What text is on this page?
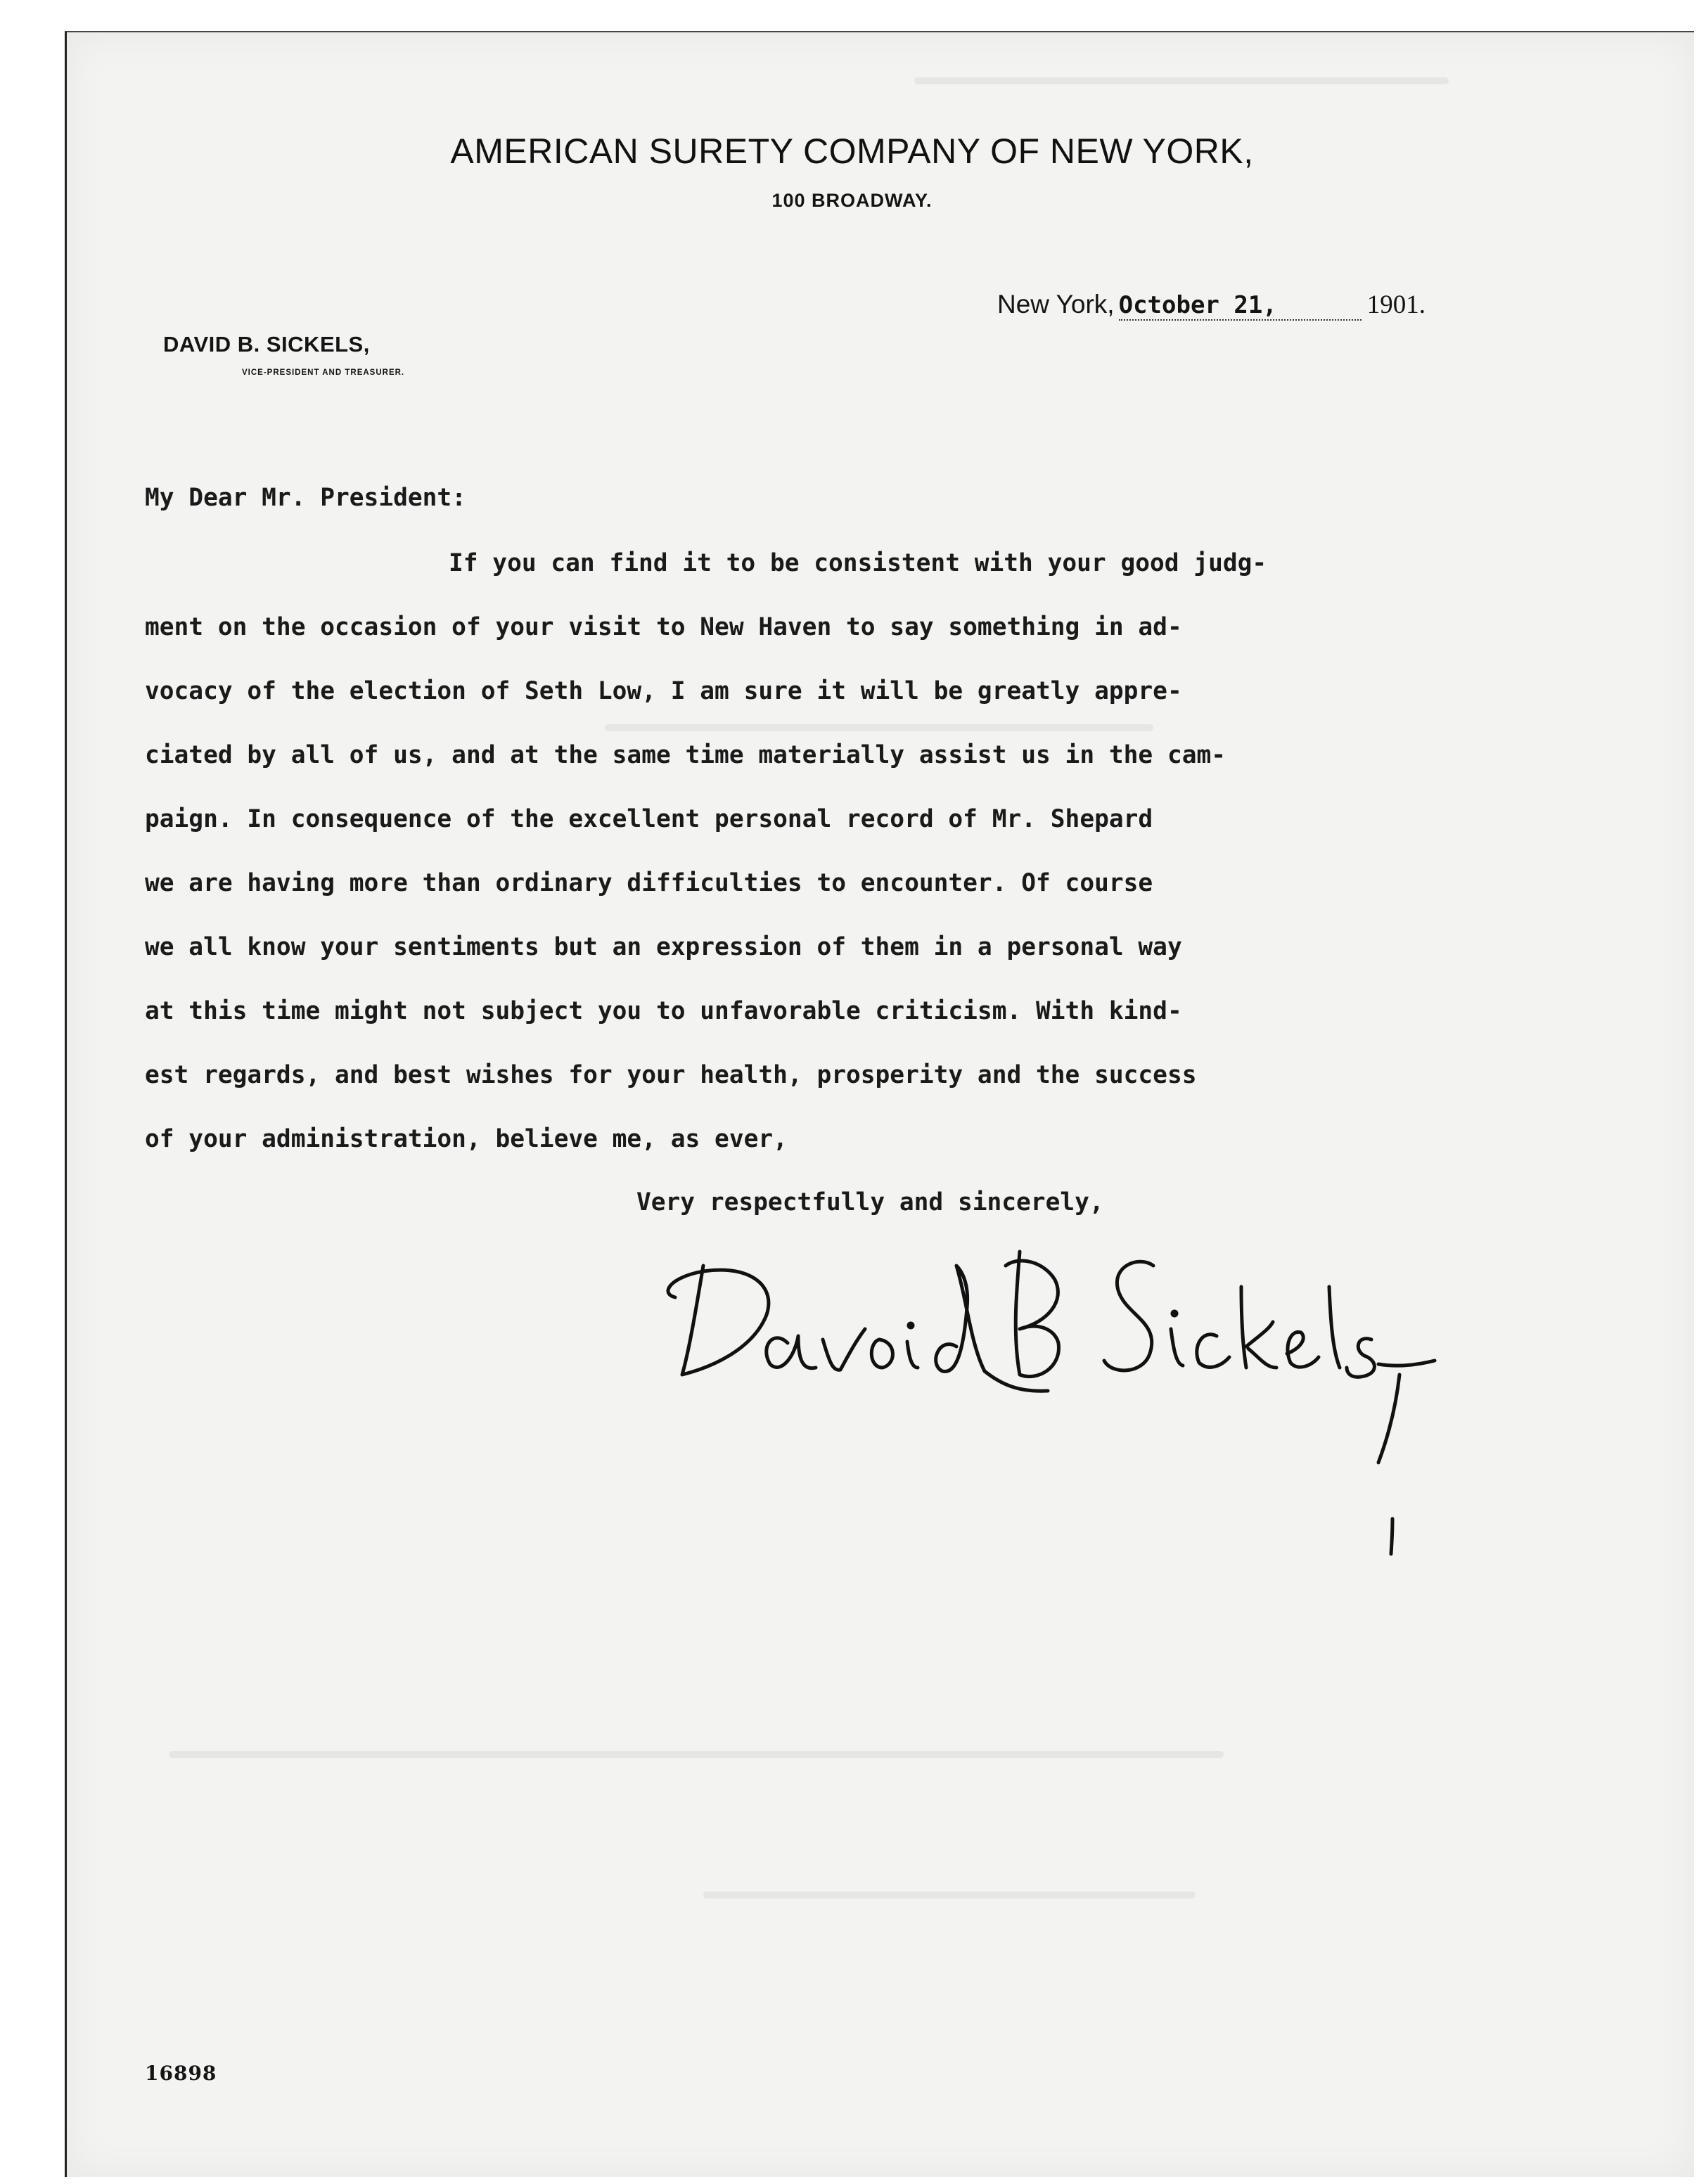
AMERICAN SURETY COMPANY OF NEW YORK,
100 BROADWAY.
New York, October 21,	1901.
DAVID B. SICKELS,
VICE-PRESIDENT AND TREASURER.
My Dear Mr. President:
If you can find it to be consistent with your good judg-
ment on the occasion of your visit to New Haven to say something in ad-
vocacy of the election of Seth Low, I am sure it will be greatly appre-
ciated by all of us, and at the same time materially assist us in the cam-
paign. In consequence of the excellent personal record of Mr. Shepard
we are having more than ordinary difficulties to encounter. Of course
we all know your sentiments but an expression of them in a personal way
at this time might not subject you to unfavorable criticism. With kind-
est regards, and best wishes for your health, prosperity and the success
of your administration, believe me, as ever,
Very respectfully and sincerely,
16898
